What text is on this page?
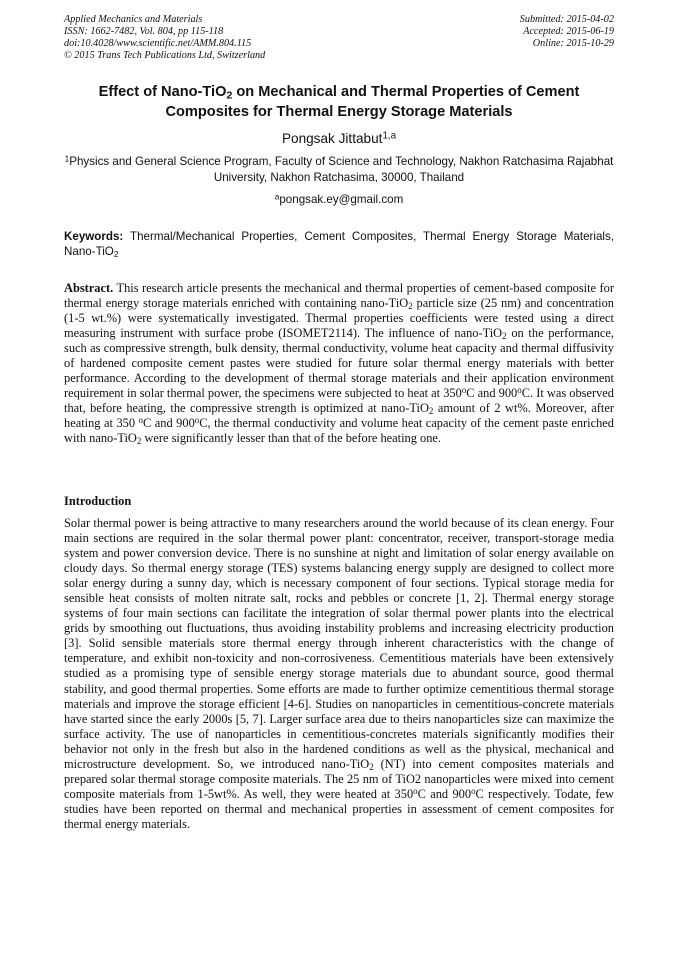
Applied Mechanics and Materials
ISSN: 1662-7482, Vol. 804, pp 115-118
doi:10.4028/www.scientific.net/AMM.804.115
© 2015 Trans Tech Publications Ltd, Switzerland
Submitted: 2015-04-02
Accepted: 2015-06-19
Online: 2015-10-29
Effect of Nano-TiO$_2$ on Mechanical and Thermal Properties of Cement Composites for Thermal Energy Storage Materials
Pongsak Jittabut$^{1,a}$
$^1$Physics and General Science Program, Faculty of Science and Technology, Nakhon Ratchasima Rajabhat University, Nakhon Ratchasima, 30000, Thailand
$^a$pongsak.ey@gmail.com
Keywords: Thermal/Mechanical Properties, Cement Composites, Thermal Energy Storage Materials, Nano-TiO$_2$

Abstract. This research article presents the mechanical and thermal properties of cement-based composite for thermal energy storage materials enriched with containing nano-TiO$_2$ particle size (25 nm) and concentration (1-5 wt.%) were systematically investigated. Thermal properties coefficients were tested using a direct measuring instrument with surface probe (ISOMET2114). The influence of nano-TiO$_2$ on the performance, such as compressive strength, bulk density, thermal conductivity, volume heat capacity and thermal diffusivity of hardened composite cement pastes were studied for future solar thermal energy materials with better performance. According to the development of thermal storage materials and their application environment requirement in solar thermal power, the specimens were subjected to heat at 350$^o$C and 900$^o$C. It was observed that, before heating, the compressive strength is optimized at nano-TiO$_2$ amount of 2 wt%. Moreover, after heating at 350 $^o$C and 900$^o$C, the thermal conductivity and volume heat capacity of the cement paste enriched with nano-TiO$_2$ were significantly lesser than that of the before heating one.

Introduction

Solar thermal power is being attractive to many researchers around the world because of its clean energy. Four main sections are required in the solar thermal power plant: concentrator, receiver, transport-storage media system and power conversion device. There is no sunshine at night and limitation of solar energy available on cloudy days. So thermal energy storage (TES) systems balancing energy supply are designed to collect more solar energy during a sunny day, which is necessary component of four sections. Typical storage media for sensible heat consists of molten nitrate salt, rocks and pebbles or concrete [1, 2]. Thermal energy storage systems of four main sections can facilitate the integration of solar thermal power plants into the electrical grids by smoothing out fluctuations, thus avoiding instability problems and increasing electricity production [3]. Solid sensible materials store thermal energy through inherent characteristics with the change of temperature, and exhibit non-toxicity and non-corrosiveness. Cementitious materials have been extensively studied as a promising type of sensible energy storage materials due to abundant source, good thermal stability, and good thermal properties. Some efforts are made to further optimize cementitious thermal storage materials and improve the storage efficient [4-6]. Studies on nanoparticles in cementitious-concrete materials have started since the early 2000s [5, 7]. Larger surface area due to theirs nanoparticles size can maximize the surface activity. The use of nanoparticles in cementitious-concretes materials significantly modifies their behavior not only in the fresh but also in the hardened conditions as well as the physical, mechanical and microstructure development. So, we introduced nano-TiO$_2$ (NT) into cement composites materials and prepared solar thermal storage composite materials. The 25 nm of TiO2 nanoparticles were mixed into cement composite materials from 1-5wt%. As well, they were heated at 350$^o$C and 900$^o$C respectively. Todate, few studies have been reported on thermal and mechanical properties in assessment of cement composites for thermal energy materials.
